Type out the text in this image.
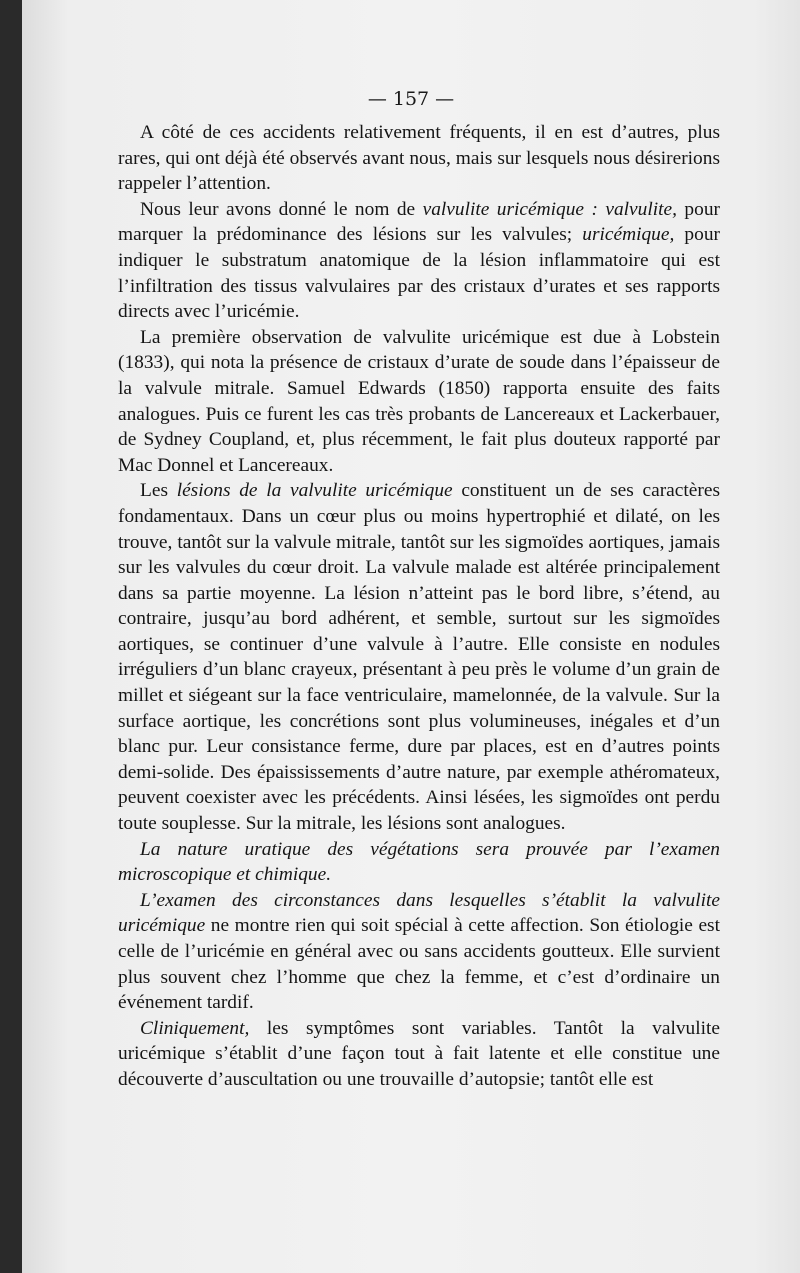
— 157 —

A côté de ces accidents relativement fréquents, il en est d’autres, plus rares, qui ont déjà été observés avant nous, mais sur lesquels nous désirerions rappeler l’attention.

Nous leur avons donné le nom de valvulite uricémique : valvulite, pour marquer la prédominance des lésions sur les valvules; uricémique, pour indiquer le substratum anatomique de la lésion inflammatoire qui est l’infiltration des tissus valvulaires par des cristaux d’urates et ses rapports directs avec l’uricémie.

La première observation de valvulite uricémique est due à Lobstein (1833), qui nota la présence de cristaux d’urate de soude dans l’épaisseur de la valvule mitrale. Samuel Edwards (1850) rapporta ensuite des faits analogues. Puis ce furent les cas très probants de Lancereaux et Lackerbauer, de Sydney Coupland, et, plus récemment, le fait plus douteux rapporté par Mac Donnel et Lancereaux.

Les lésions de la valvulite uricémique constituent un de ses caractères fondamentaux. Dans un cœur plus ou moins hypertrophié et dilaté, on les trouve, tantôt sur la valvule mitrale, tantôt sur les sigmoïdes aortiques, jamais sur les valvules du cœur droit. La valvule malade est altérée principalement dans sa partie moyenne. La lésion n’atteint pas le bord libre, s’étend, au contraire, jusqu’au bord adhérent, et semble, surtout sur les sigmoïdes aortiques, se continuer d’une valvule à l’autre. Elle consiste en nodules irréguliers d’un blanc crayeux, présentant à peu près le volume d’un grain de millet et siégeant sur la face ventriculaire, mamelonnée, de la valvule. Sur la surface aortique, les concrétions sont plus volumineuses, inégales et d’un blanc pur. Leur consistance ferme, dure par places, est en d’autres points demi-solide. Des épaississements d’autre nature, par exemple athéromateux, peuvent coexister avec les précédents. Ainsi lésées, les sigmoïdes ont perdu toute souplesse. Sur la mitrale, les lésions sont analogues.

La nature uratique des végétations sera prouvée par l’examen microscopique et chimique.

L’examen des circonstances dans lesquelles s’établit la valvulite uricémique ne montre rien qui soit spécial à cette affection. Son étiologie est celle de l’uricémie en général avec ou sans accidents goutteux. Elle survient plus souvent chez l’homme que chez la femme, et c’est d’ordinaire un événement tardif.

Cliniquement, les symptômes sont variables. Tantôt la valvulite uricémique s’établit d’une façon tout à fait latente et elle constitue une découverte d’auscultation ou une trouvaille d’autopsie; tantôt elle est
